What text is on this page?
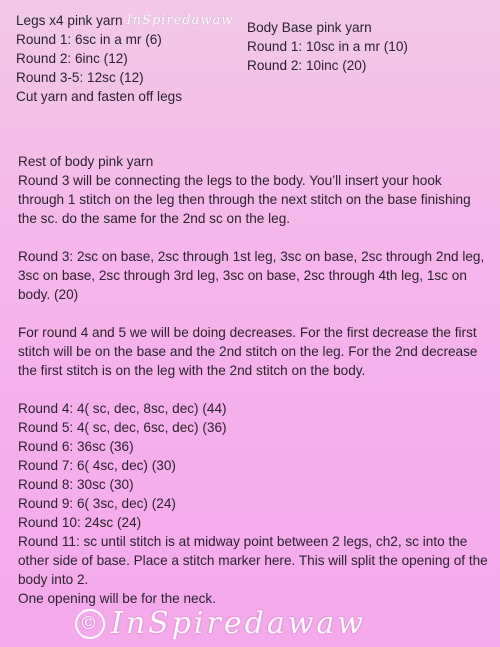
Legs x4 pink yarn InSpiredawaw
Round 1: 6sc in a mr (6)
Round 2: 6inc (12)
Round 3-5: 12sc (12)
Cut yarn and fasten off legs
Body Base pink yarn
Round 1: 10sc in a mr (10)
Round 2: 10inc (20)
Rest of body pink yarn
Round 3 will be connecting the legs to the body. You’ll insert your hook through 1 stitch on the leg then through the next stitch on the base finishing the sc. do the same for the 2nd sc on the leg.
Round 3: 2sc on base, 2sc through 1st leg, 3sc on base, 2sc through 2nd leg, 3sc on base, 2sc through 3rd leg, 3sc on base, 2sc through 4th leg, 1sc on body. (20)
For round 4 and 5 we will be doing decreases. For the first decrease the first stitch will be on the base and the 2nd stitch on the leg. For the 2nd decrease the first stitch is on the leg with the 2nd stitch on the body.
Round 4: 4( sc, dec, 8sc, dec) (44)
Round 5: 4( sc, dec, 6sc, dec) (36)
Round 6: 36sc (36)
Round 7: 6( 4sc, dec) (30)
Round 8: 30sc (30)
Round 9: 6( 3sc, dec) (24)
Round 10: 24sc (24)
Round 11: sc until stitch is at midway point between 2 legs, ch2, sc into the other side of base. Place a stitch marker here. This will split the opening of the body into 2.
One opening will be for the neck.
© InSpiredawaw
